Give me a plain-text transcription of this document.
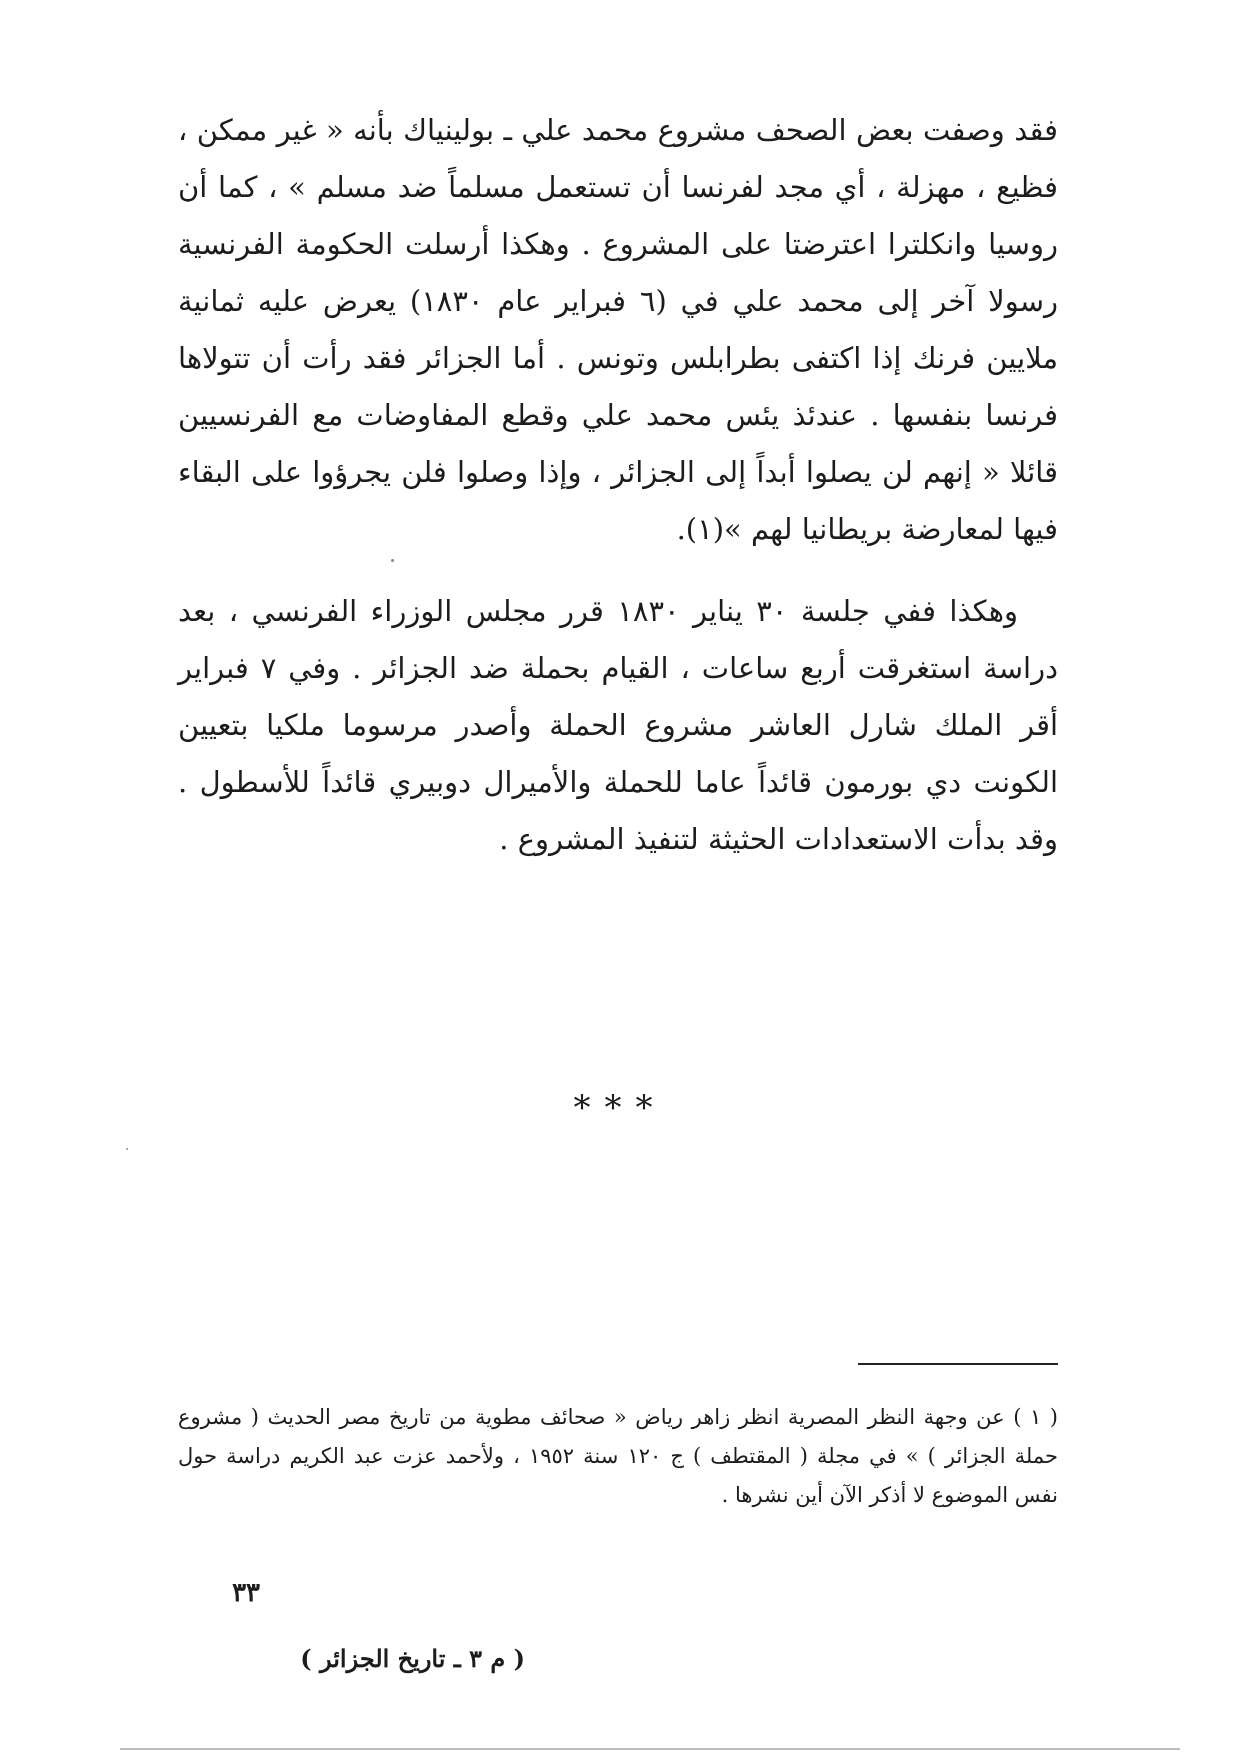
فقد وصفت بعض الصحف مشروع محمد علي ـ بولينياك بأنه « غير ممكن ، فظيع ، مهزلة ، أي مجد لفرنسا أن تستعمل مسلماً ضد مسلم » ، كما أن روسيا وانكلترا اعترضتا على المشروع . وهكذا أرسلت الحكومة الفرنسية رسولا آخر إلى محمد علي في (٦ فبراير عام ١٨٣٠) يعرض عليه ثمانية ملايين فرنك إذا اكتفى بطرابلس وتونس . أما الجزائر فقد رأت أن تتولاها فرنسا بنفسها . عندئذ يئس محمد علي وقطع المفاوضات مع الفرنسيين قائلا « إنهم لن يصلوا أبداً إلى الجزائر ، وإذا وصلوا فلن يجرؤوا على البقاء فيها لمعارضة بريطانيا لهم »(١).

وهكذا ففي جلسة ٣٠ يناير ١٨٣٠ قرر مجلس الوزراء الفرنسي ، بعد دراسة استغرقت أربع ساعات ، القيام بحملة ضد الجزائر . وفي ٧ فبراير أقر الملك شارل العاشر مشروع الحملة وأصدر مرسوما ملكيا بتعيين الكونت دي بورمون قائداً عاما للحملة والأميرال دوبيري قائداً للأسطول . وقد بدأت الاستعدادات الحثيثة لتنفيذ المشروع .

***

( ١ ) عن وجهة النظر المصرية انظر زاهر رياض « صحائف مطوية من تاريخ مصر الحديث ( مشروع حملة الجزائر ) » في مجلة ( المقتطف ) ج ١٢٠ سنة ١٩٥٢ ، ولأحمد عزت عبد الكريم دراسة حول نفس الموضوع لا أذكر الآن أين نشرها .

٣٣
( م ٣ ـ تاريخ الجزائر )
